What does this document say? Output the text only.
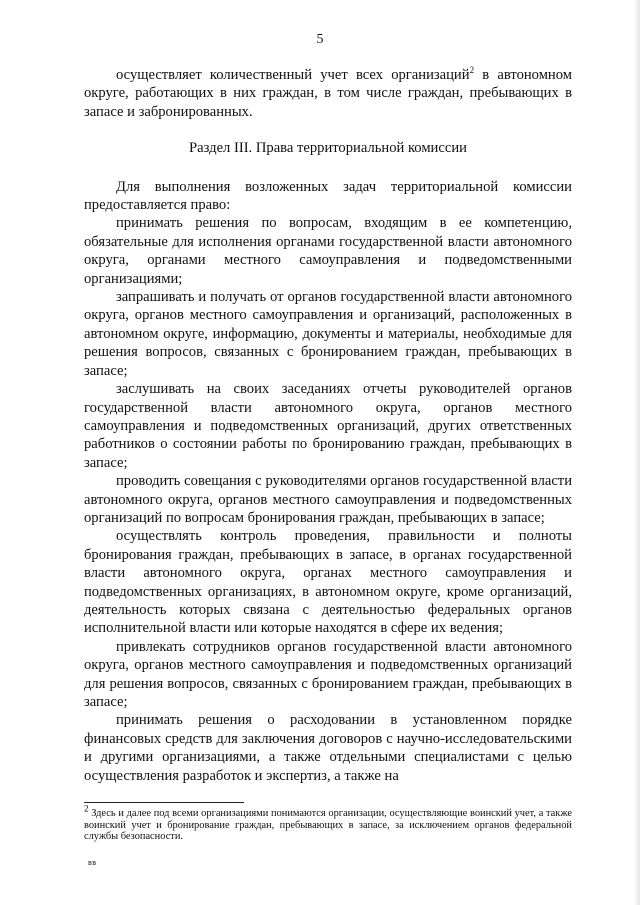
5

осуществляет количественный учет всех организаций$^2$ в автономном округе, работающих в них граждан, в том числе граждан, пребывающих в запасе и забронированных.

Раздел III. Права территориальной комиссии

Для выполнения возложенных задач территориальной комиссии предоставляется право:

принимать решения по вопросам, входящим в ее компетенцию, обязательные для исполнения органами государственной власти автономного округа, органами местного самоуправления и подведомственными организациями;

запрашивать и получать от органов государственной власти автономного округа, органов местного самоуправления и организаций, расположенных в автономном округе, информацию, документы и материалы, необходимые для решения вопросов, связанных с бронированием граждан, пребывающих в запасе;

заслушивать на своих заседаниях отчеты руководителей органов государственной власти автономного округа, органов местного самоуправления и подведомственных организаций, других ответственных работников о состоянии работы по бронированию граждан, пребывающих в запасе;

проводить совещания с руководителями органов государственной власти автономного округа, органов местного самоуправления и подведомственных организаций по вопросам бронирования граждан, пребывающих в запасе;

осуществлять контроль проведения, правильности и полноты бронирования граждан, пребывающих в запасе, в органах государственной власти автономного округа, органах местного самоуправления и подведомственных организациях, в автономном округе, кроме организаций, деятельность которых связана с деятельностью федеральных органов исполнительной власти или которые находятся в сфере их ведения;

привлекать сотрудников органов государственной власти автономного округа, органов местного самоуправления и подведомственных организаций для решения вопросов, связанных с бронированием граждан, пребывающих в запасе;

принимать решения о расходовании в установленном порядке финансовых средств для заключения договоров с научно-исследовательскими и другими организациями, а также отдельными специалистами с целью осуществления разработок и экспертиз, а также на

$^2$ Здесь и далее под всеми организациями понимаются организации, осуществляющие воинский учет, а также воинский учет и бронирование граждан, пребывающих в запасе, за исключением органов федеральной службы безопасности.
вв
